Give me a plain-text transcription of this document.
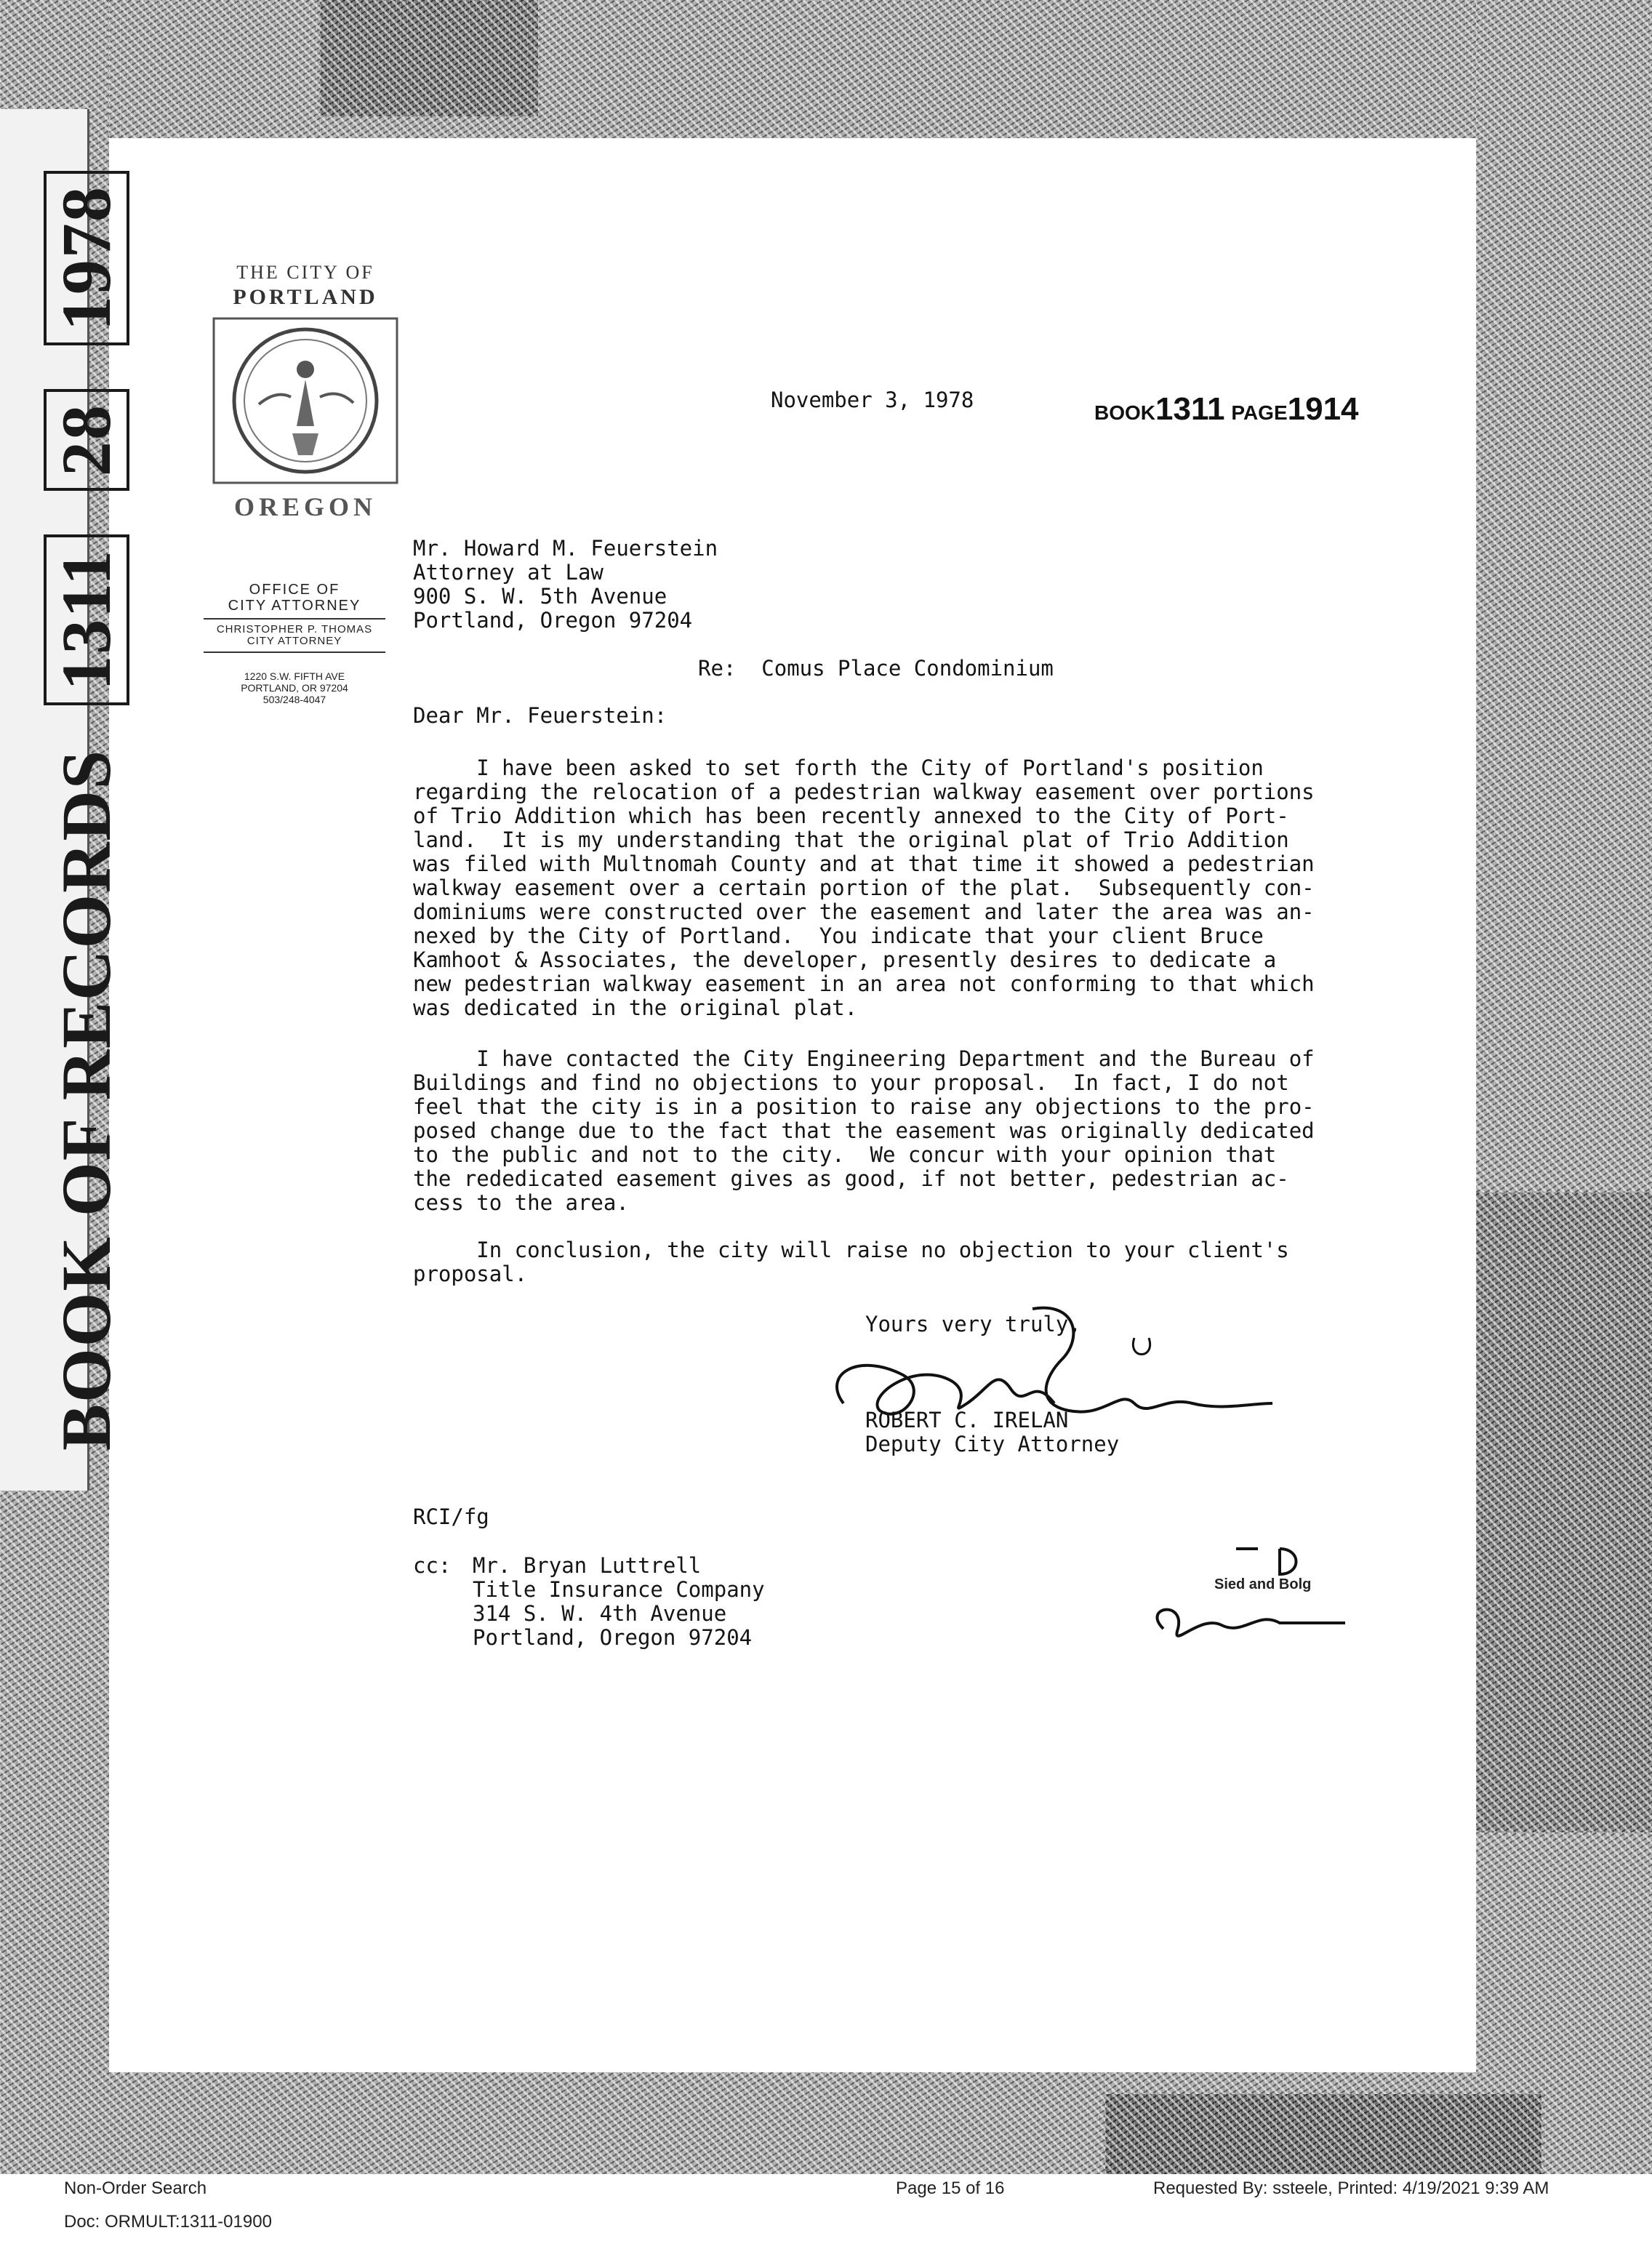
BOOK OF RECORDS1311281978	THE CITY OF
PORTLAND
OREGON
OFFICE OF
CITY ATTORNEY
CHRISTOPHER P. THOMAS
CITY ATTORNEY
1220 S.W. FIFTH AVE
PORTLAND, OR 97204
503/248-4047
November 3, 1978
BOOK1311 PAGE1914
Mr. Howard M. Feuerstein
Attorney at Law
900 S. W. 5th Avenue
Portland, Oregon 97204
Re:  Comus Place Condominium
Dear Mr. Feuerstein:
I have been asked to set forth the City of Portland's position
regarding the relocation of a pedestrian walkway easement over portions
of Trio Addition which has been recently annexed to the City of Port-
land.  It is my understanding that the original plat of Trio Addition
was filed with Multnomah County and at that time it showed a pedestrian
walkway easement over a certain portion of the plat.  Subsequently con-
dominiums were constructed over the easement and later the area was an-
nexed by the City of Portland.  You indicate that your client Bruce
Kamhoot & Associates, the developer, presently desires to dedicate a
new pedestrian walkway easement in an area not conforming to that which
was dedicated in the original plat.
I have contacted the City Engineering Department and the Bureau of
Buildings and find no objections to your proposal.  In fact, I do not
feel that the city is in a position to raise any objections to the pro-
posed change due to the fact that the easement was originally dedicated
to the public and not to the city.  We concur with your opinion that
the rededicated easement gives as good, if not better, pedestrian ac-
cess to the area.
In conclusion, the city will raise no objection to your client's
proposal.
Yours very truly,
ROBERT C. IRELAN
Deputy City Attorney
RCI/fg
cc: Mr. Bryan Luttrell
Title Insurance Company
314 S. W. 4th Avenue
Portland, Oregon 97204
Sied and Bolg
Non-Order Search
Doc: ORMULT:1311-01900
Page 15 of 16	Requested By: ssteele, Printed: 4/19/2021 9:39 AM
